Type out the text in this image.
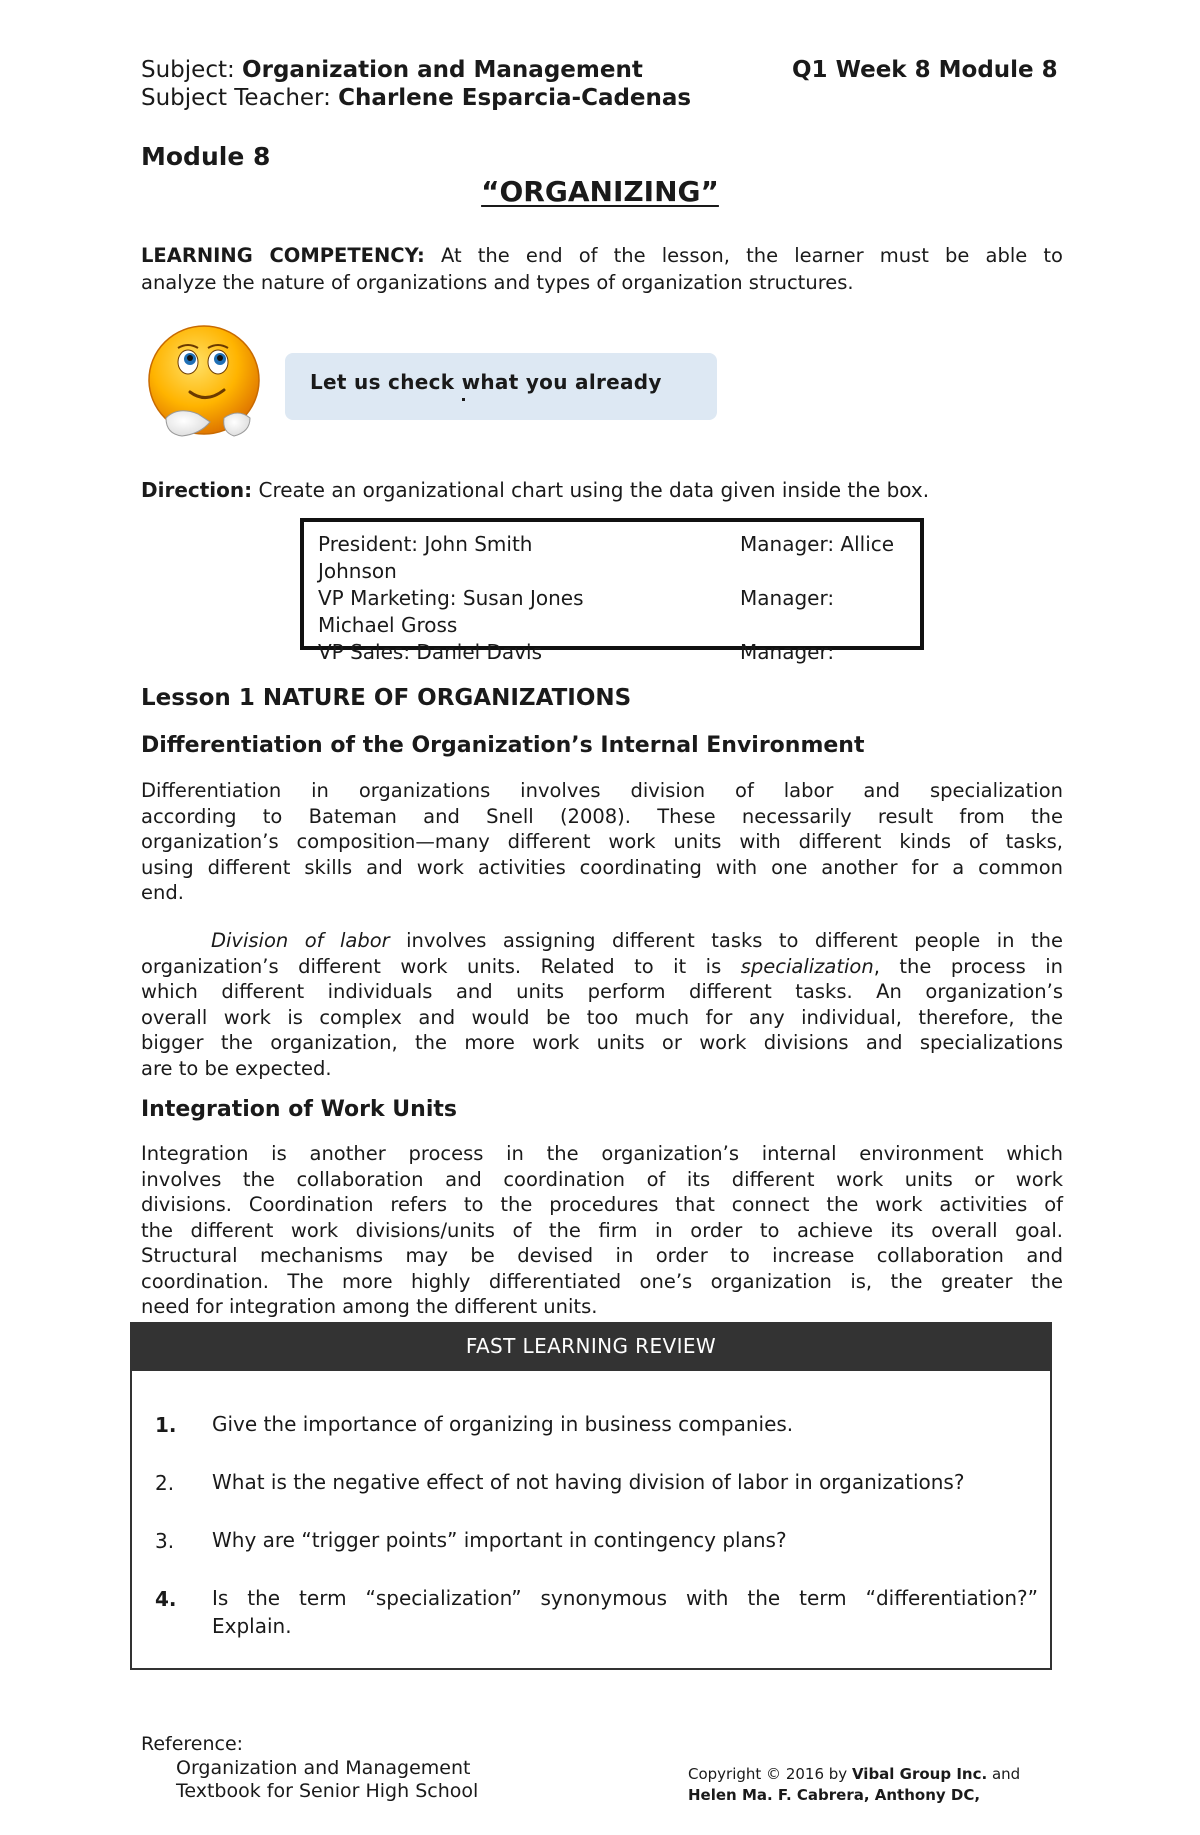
Subject: Organization and Management	Q1 Week 8 Module 8
Subject Teacher: Charlene Esparcia-Cadenas
Module 8
“ORGANIZING”
LEARNING COMPETENCY: At the end of the lesson, the learner must be able to
analyze the nature of organizations and types of organization structures.
Let us check what you already
Direction: Create an organizational chart using the data given inside the box.
President: John Smith
Johnson
VP Marketing: Susan Jones
Michael Gross
VP Sales: Daniel Davis
Manager: Allice
Manager:
Manager:
Lesson 1 NATURE OF ORGANIZATIONS
Differentiation of the Organization’s Internal Environment
Differentiation in organizations involves division of labor and specialization
according to Bateman and Snell (2008). These necessarily result from the
organization’s composition—many different work units with different kinds of tasks,
using different skills and work activities coordinating with one another for a common
end.
Division of labor involves assigning different tasks to different people in the
organization’s different work units. Related to it is specialization, the process in
which different individuals and units perform different tasks. An organization’s
overall work is complex and would be too much for any individual, therefore, the
bigger the organization, the more work units or work divisions and specializations
are to be expected.
Integration of Work Units
Integration is another process in the organization’s internal environment which
involves the collaboration and coordination of its different work units or work
divisions. Coordination refers to the procedures that connect the work activities of
the different work divisions/units of the firm in order to achieve its overall goal.
Structural mechanisms may be devised in order to increase collaboration and
coordination. The more highly differentiated one’s organization is, the greater the
need for integration among the different units.
FAST LEARNING REVIEW
1. Give the importance of organizing in business companies.
2. What is the negative effect of not having division of labor in organizations?
3. Why are “trigger points” important in contingency plans?
4. Is the term “specialization” synonymous with the term “differentiation?”
Explain.
Reference:
Organization and Management
Textbook for Senior High School
Copyright © 2016 by Vibal Group Inc. and
Helen Ma. F. Cabrera, Anthony DC,
